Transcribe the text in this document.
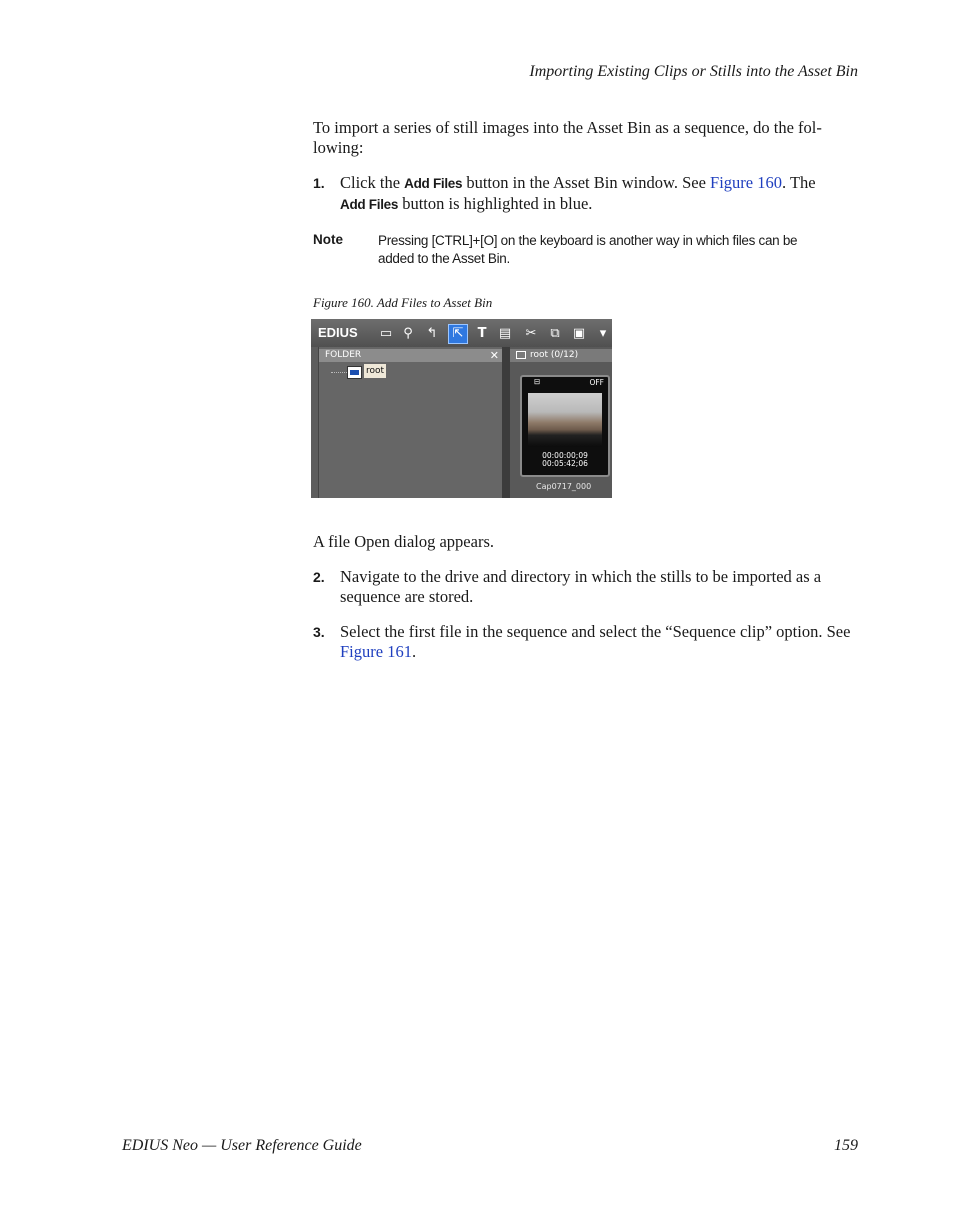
Importing Existing Clips or Stills into the Asset Bin

To import a series of still images into the Asset Bin as a sequence, do the fol- lowing:

1. Click the Add Files button in the Asset Bin window. See Figure 160. The
Add Files button is highlighted in blue.
Note	Pressing [CTRL]+[O] on the keyboard is another way in which files can be added to the Asset Bin.
Figure 160. Add Files to Asset Bin
EDIUS ▭ ⚲ ↰	⇱	T ▤ ✂ ⧉ ▣	▾
FOLDER	✕
root
root (0/12)
⊟	OFF
00:00:00;09
00:05:42;06
Cap0717_000

A file Open dialog appears.

2. Navigate to the drive and directory in which the stills to be imported as a sequence are stored.
3. Select the first file in the sequence and select the “Sequence clip” option. See Figure 161.
EDIUS Neo — User Reference Guide	159
